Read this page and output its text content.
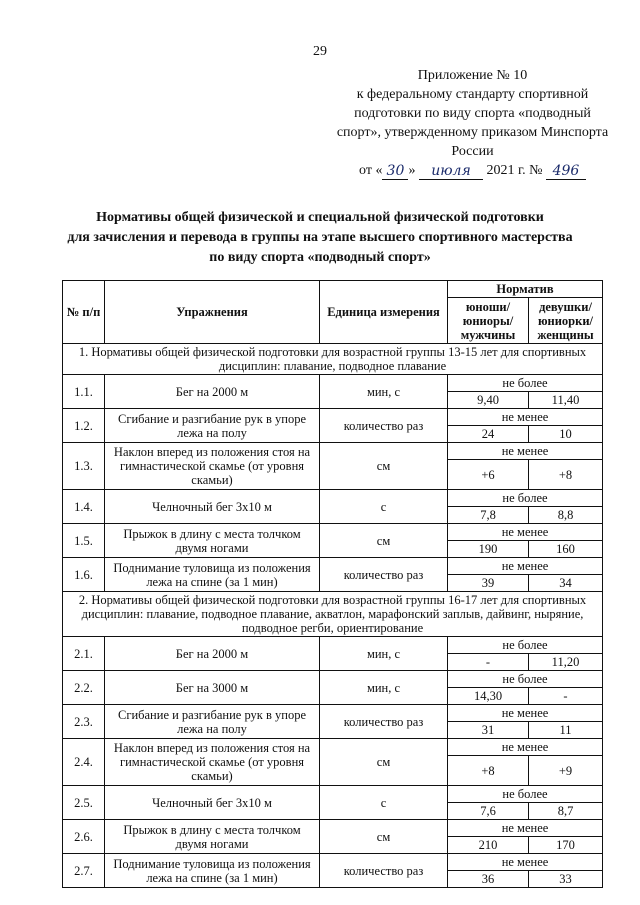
29
Приложение № 10
к федеральному стандарту спортивной
подготовки по виду спорта «подводный
спорт», утвержденному приказом Минспорта
России
от « 30 »
	июля
	2021 г. №
496
Нормативы общей физической и специальной физической подготовки
для зачисления и перевода в группы на этапе высшего спортивного мастерства
по виду спорта «подводный спорт»
№ п/п	Упражнения	Единица измерения	Норматив	
			юноши/ юниоры/ мужчины	девушки/ юниорки/ женщины
1. Нормативы общей физической подготовки для возрастной группы 13-15 лет для спортивных дисциплин: плавание, подводное плавание				
1.1.	Бег на 2000 м	мин, с	не более	
			9,40	11,40
1.2.	Сгибание и разгибание рук в упоре лежа на полу	количество раз	не менее	
			24	10
1.3.	Наклон вперед из положения стоя на гимнастической скамье (от уровня скамьи)	см	не менее	
			+6	+8
1.4.	Челночный бег 3x10 м	с	не более	
			7,8	8,8
1.5.	Прыжок в длину с места толчком двумя ногами	см	не менее	
			190	160
1.6.	Поднимание туловища из положения лежа на спине (за 1 мин)	количество раз	не менее	
			39	34
2. Нормативы общей физической подготовки для возрастной группы 16-17 лет для спортивных дисциплин: плавание, подводное плавание, акватлон, марафонский заплыв, дайвинг, ныряние, подводное регби, ориентирование				
2.1.	Бег на 2000 м	мин, с	не более	
			-	11,20
2.2.	Бег на 3000 м	мин, с	не более	
			14,30	-
2.3.	Сгибание и разгибание рук в упоре лежа на полу	количество раз	не менее	
			31	11
2.4.	Наклон вперед из положения стоя на гимнастической скамье (от уровня скамьи)	см	не менее	
			+8	+9
2.5.	Челночный бег 3x10 м	с	не более	
			7,6	8,7
2.6.	Прыжок в длину с места толчком двумя ногами	см	не менее	
			210	170
2.7.	Поднимание туловища из положения лежа на спине (за 1 мин)	количество раз	не менее	
			36	33
